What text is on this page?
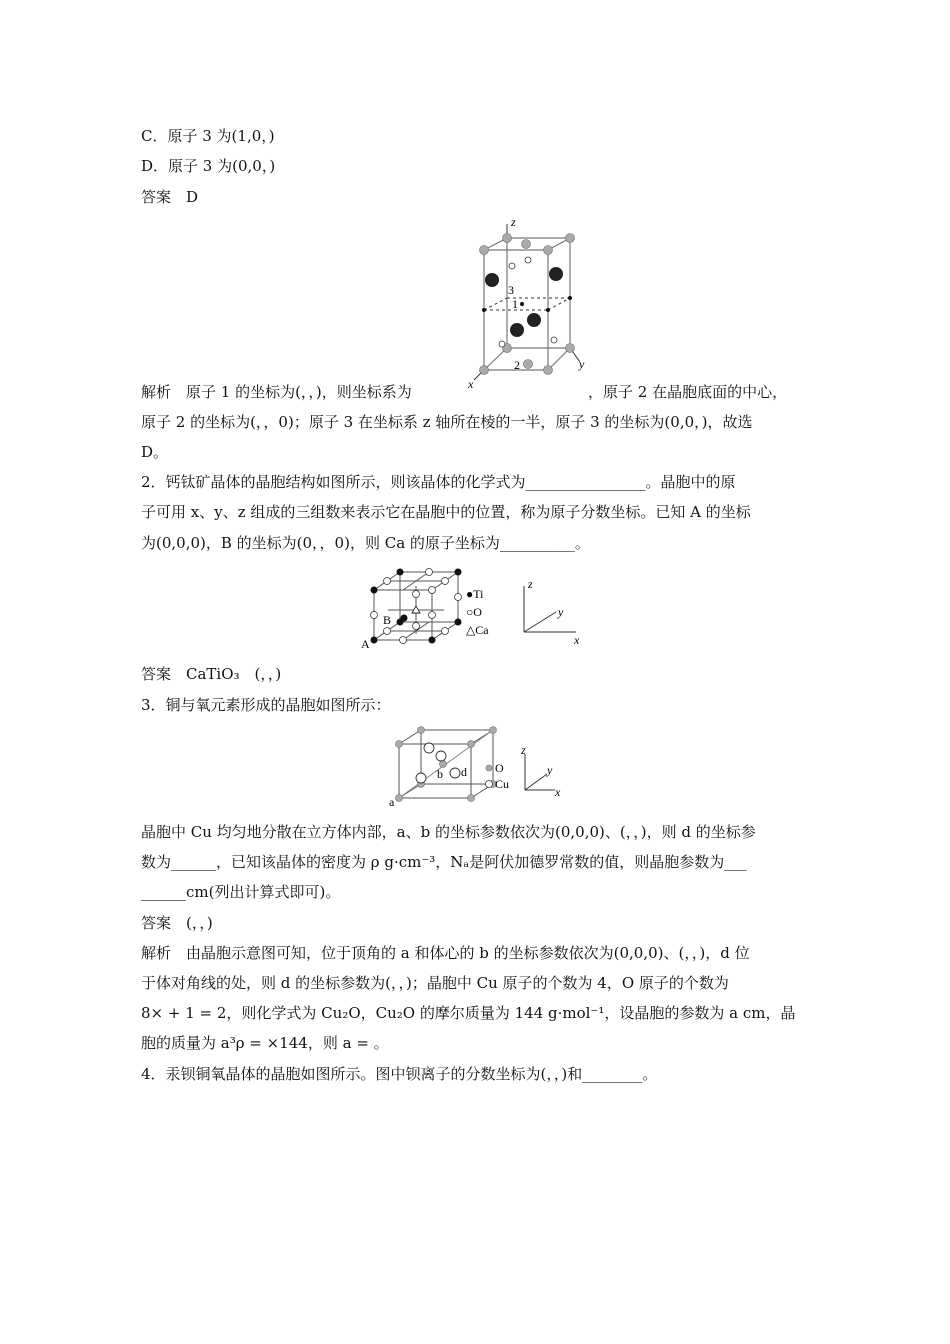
C．原子 3 为(1,0，)
D．原子 3 为(0,0，)
答案　D
z
y
x
3
1
2
解析　原子 1 的坐标为(，，)，则坐标系为	，原子 2 在晶胞底面的中心，
原子 2 的坐标为(，，0)；原子 3 在坐标系 z 轴所在棱的一半，原子 3 的坐标为(0,0，)，故选
D。
2．钙钛矿晶体的晶胞结构如图所示，则该晶体的化学式为________________。晶胞中的原
子可用 x、y、z 组成的三组数来表示它在晶胞中的位置，称为原子分数坐标。已知 A 的坐标
为(0,0,0)，B 的坐标为(0，，0)，则 Ca 的原子坐标为__________。
A
B
●Ti
○O
△Ca
z
y
x
答案　CaTiO₃　(，，)
3．铜与氧元素形成的晶胞如图所示：
a
b d O
Cu
z
y
x
晶胞中 Cu 均匀地分散在立方体内部，a、b 的坐标参数依次为(0,0,0)、(，，)，则 d 的坐标参
数为______，已知该晶体的密度为 ρ g·cm⁻³，Nₐ是阿伏加德罗常数的值，则晶胞参数为___
______cm(列出计算式即可)。
答案　(，，)
解析　由晶胞示意图可知，位于顶角的 a 和体心的 b 的坐标参数依次为(0,0,0)、(，，)，d 位
于体对角线的处，则 d 的坐标参数为(，，)；晶胞中 Cu 原子的个数为 4，O 原子的个数为
8× + 1 = 2，则化学式为 Cu₂O，Cu₂O 的摩尔质量为 144 g·mol⁻¹，设晶胞的参数为 a cm，晶
胞的质量为 a³ρ = ×144，则 a = 。
4．汞钡铜氧晶体的晶胞如图所示。图中钡离子的分数坐标为(，，)和________。
